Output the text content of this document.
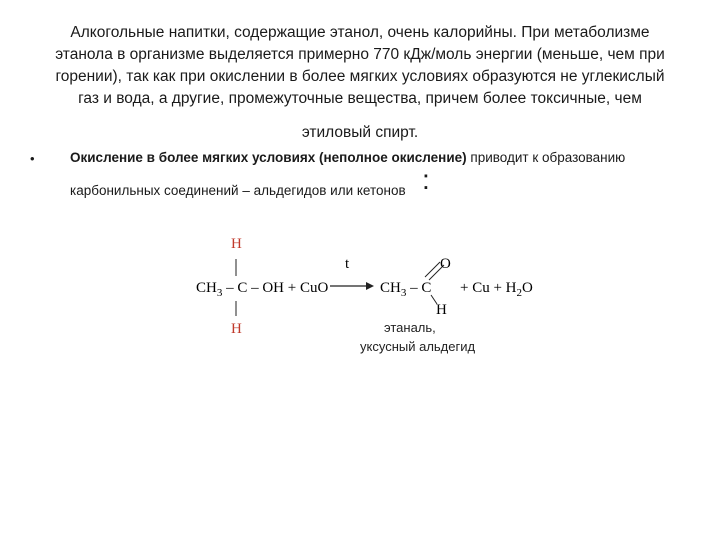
Алкогольные напитки, содержащие этанол, очень калорийны. При метаболизме
этанола в организме выделяется примерно 770 кДж/моль энергии (меньше, чем при
горении), так как при окислении в более мягких условиях образуются не углекислый
газ и вода, а другие, промежуточные вещества, причем более токсичные, чем
этиловый спирт.
•	Окисление в более мягких условиях (неполное окисление) приводит к образованию
карбонильных соединений – альдегидов или кетонов :
H
$CH_3$ – C – OH + CuO
H
t
$CH_3$ – C
O
H
+ $Cu + H_2O$
этаналь,
уксусный альдегид
